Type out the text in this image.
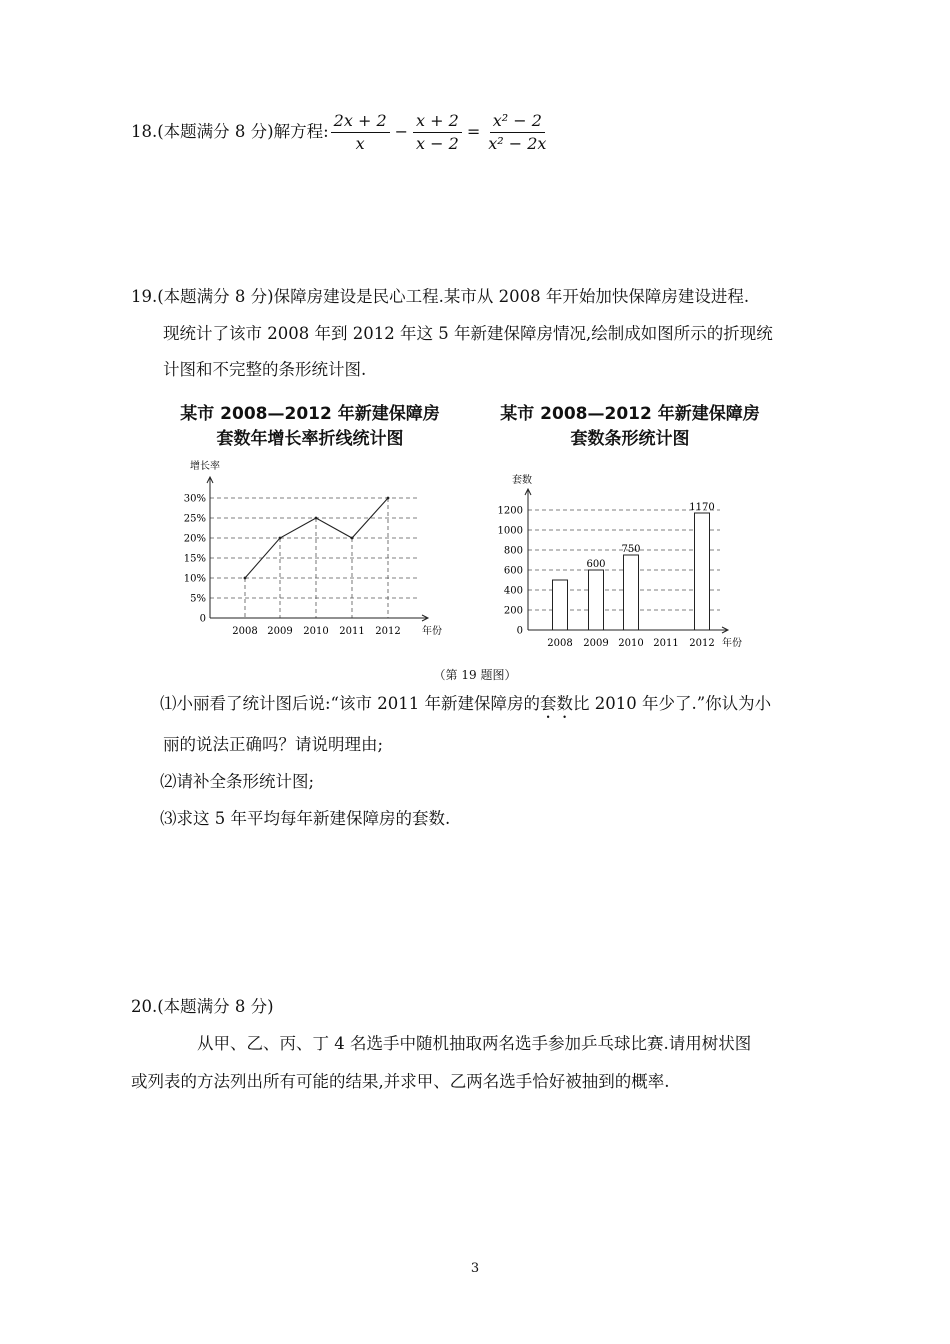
18.(本题满分 8 分)解方程: $\frac{2x + 2}{x} - \frac{x + 2}{x - 2} = \frac{\text{x² − 2}}{\text{x² − 2x}}$
19.(本题满分 8 分)保障房建设是民心工程.某市从 2008 年开始加快保障房建设进程.
现统计了该市 2008 年到 2012 年这 5 年新建保障房情况,绘制成如图所示的折现统
计图和不完整的条形统计图.
某市 2008—2012 年新建保障房
套数年增长率折线统计图
某市 2008—2012 年新建保障房
套数条形统计图
0
5%
10%
15%
20%
25%
30%
2008 2009 2010 2011 2012
增长率
年份	0
200
400
600
800
1000
1200
600
750
1170
2008 2009 2010 2011 2012
套数
年份
（第 19 题图）
⑴小丽看了统计图后说:“该市 2011 年新建保障房的套数比 2010 年少了.”你认为小
丽的说法正确吗？请说明理由;
⑵请补全条形统计图;
⑶求这 5 年平均每年新建保障房的套数.
20.(本题满分 8 分)
从甲、乙、丙、丁 4 名选手中随机抽取两名选手参加乒乓球比赛.请用树状图
或列表的方法列出所有可能的结果,并求甲、乙两名选手恰好被抽到的概率.
3
